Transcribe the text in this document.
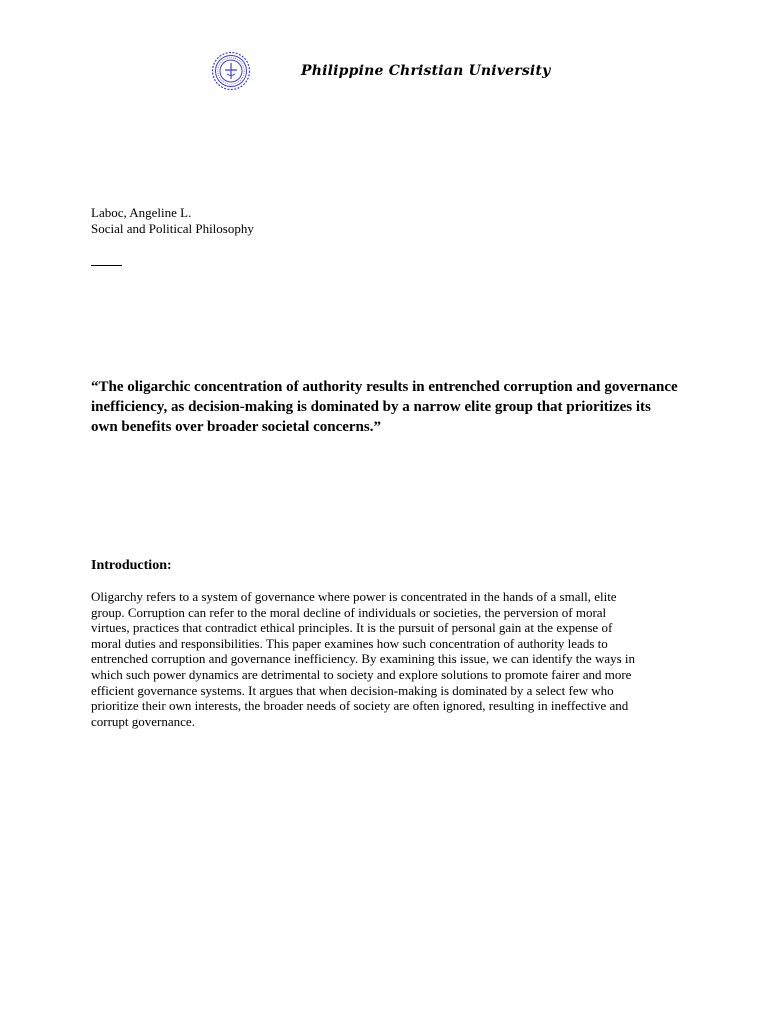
Philippine Christian University
Laboc, Angeline L.
Social and Political Philosophy
“The oligarchic concentration of authority results in entrenched corruption and governance inefficiency, as decision-making is dominated by a narrow elite group that prioritizes its own benefits over broader societal concerns.”
Introduction:
Oligarchy refers to a system of governance where power is concentrated in the hands of a small, elite
group. Corruption can refer to the moral decline of individuals or societies, the perversion of moral
virtues, practices that contradict ethical principles. It is the pursuit of personal gain at the expense of
moral duties and responsibilities. This paper examines how such concentration of authority leads to
entrenched corruption and governance inefficiency. By examining this issue, we can identify the ways in
which such power dynamics are detrimental to society and explore solutions to promote fairer and more
efficient governance systems. It argues that when decision-making is dominated by a select few who
prioritize their own interests, the broader needs of society are often ignored, resulting in ineffective and
corrupt governance.
